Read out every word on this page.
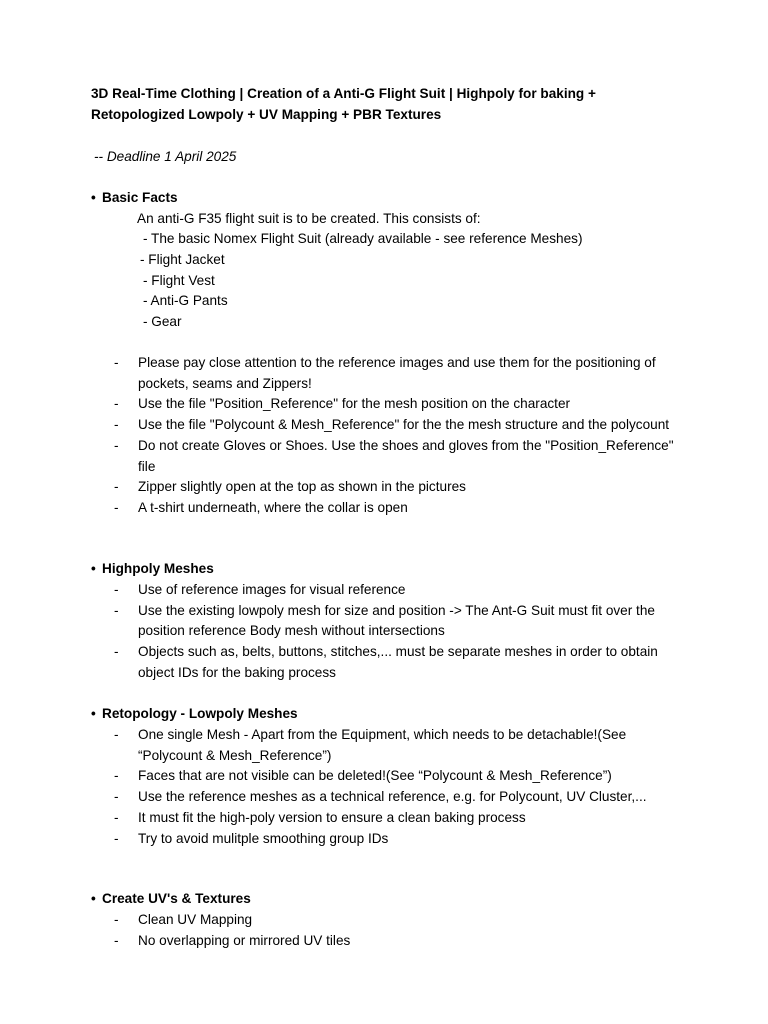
3D Real-Time Clothing | Creation of a Anti-G Flight Suit | Highpoly for baking + Retopologized Lowpoly + UV Mapping + PBR Textures

-- Deadline 1 April 2025

• Basic Facts

An anti-G F35 flight suit is to be created. This consists of:

- The basic Nomex Flight Suit (already available - see reference Meshes)

- Flight Jacket

- Flight Vest

- Anti-G Pants

- Gear

- Please pay close attention to the reference images and use them for the positioning of pockets, seams and Zippers!
- Use the file "Position_Reference" for the mesh position on the character
- Use the file "Polycount & Mesh_Reference" for the the mesh structure and the polycount
- Do not create Gloves or Shoes. Use the shoes and gloves from the "Position_Reference" file
- Zipper slightly open at the top as shown in the pictures
- A t-shirt underneath, where the collar is open

• Highpoly Meshes

- Use of reference images for visual reference
- Use the existing lowpoly mesh for size and position -> The Ant-G Suit must fit over the position reference Body mesh without intersections
- Objects such as, belts, buttons, stitches,... must be separate meshes in order to obtain object IDs for the baking process

• Retopology - Lowpoly Meshes

- One single Mesh - Apart from the Equipment, which needs to be detachable!(See “Polycount & Mesh_Reference”)
- Faces that are not visible can be deleted!(See “Polycount & Mesh_Reference”)
- Use the reference meshes as a technical reference, e.g. for Polycount, UV Cluster,...
- It must fit the high-poly version to ensure a clean baking process
- Try to avoid mulitple smoothing group IDs

• Create UV's & Textures

- Clean UV Mapping
- No overlapping or mirrored UV tiles
